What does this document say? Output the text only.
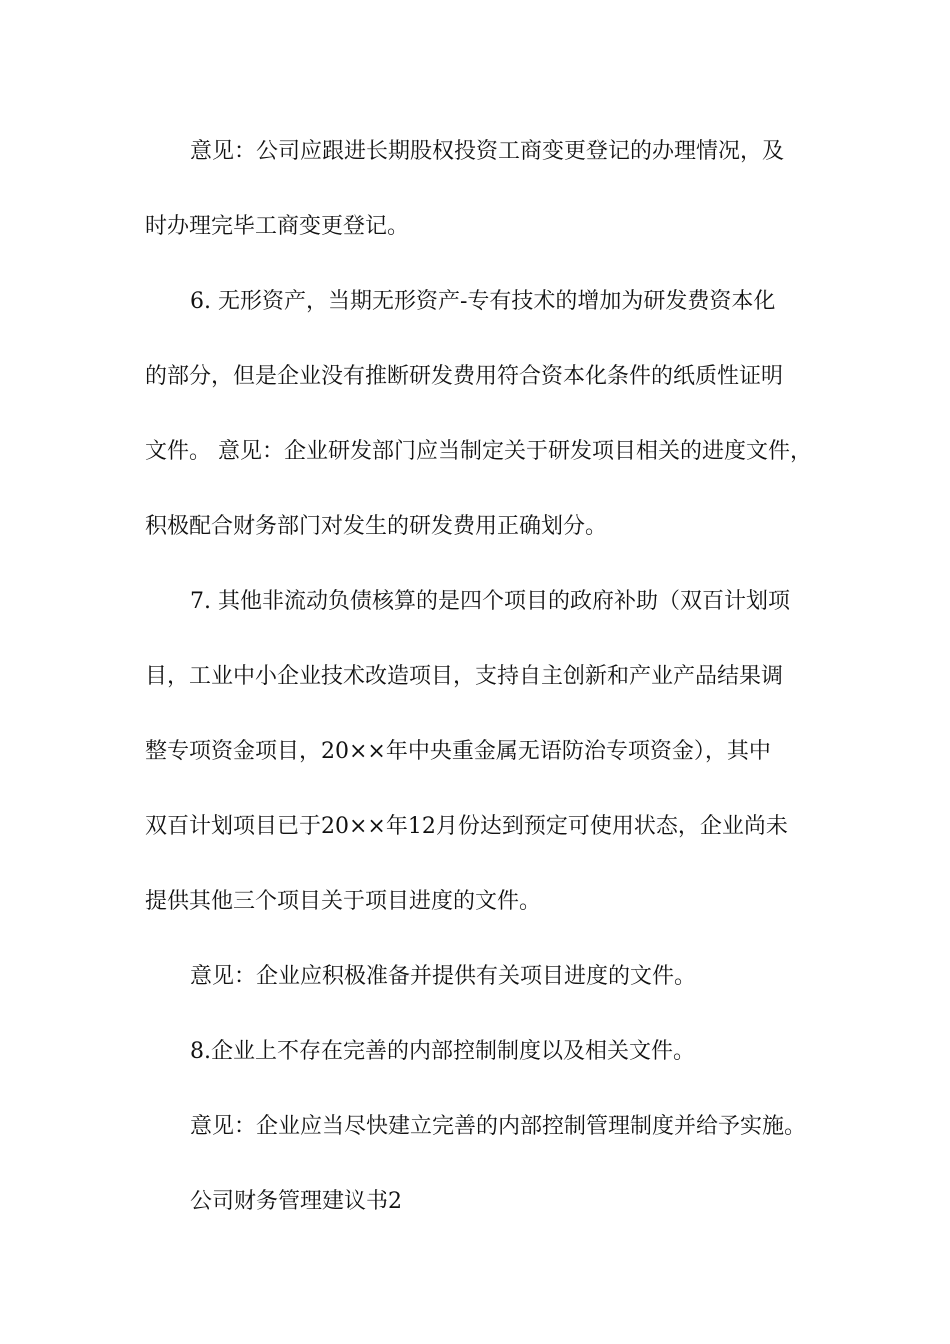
意见：公司应跟进长期股权投资工商变更登记的办理情况，及

时办理完毕工商变更登记。

6. 无形资产，当期无形资产-专有技术的增加为研发费资本化

的部分，但是企业没有推断研发费用符合资本化条件的纸质性证明

文件。 意见：企业研发部门应当制定关于研发项目相关的进度文件，

积极配合财务部门对发生的研发费用正确划分。

7. 其他非流动负债核算的是四个项目的政府补助（双百计划项

目，工业中小企业技术改造项目，支持自主创新和产业产品结果调

整专项资金项目，20××年中央重金属无语防治专项资金），其中

双百计划项目已于20××年12月份达到预定可使用状态，企业尚未

提供其他三个项目关于项目进度的文件。

意见：企业应积极准备并提供有关项目进度的文件。

8.企业上不存在完善的内部控制制度以及相关文件。

意见：企业应当尽快建立完善的内部控制管理制度并给予实施。

公司财务管理建议书2
